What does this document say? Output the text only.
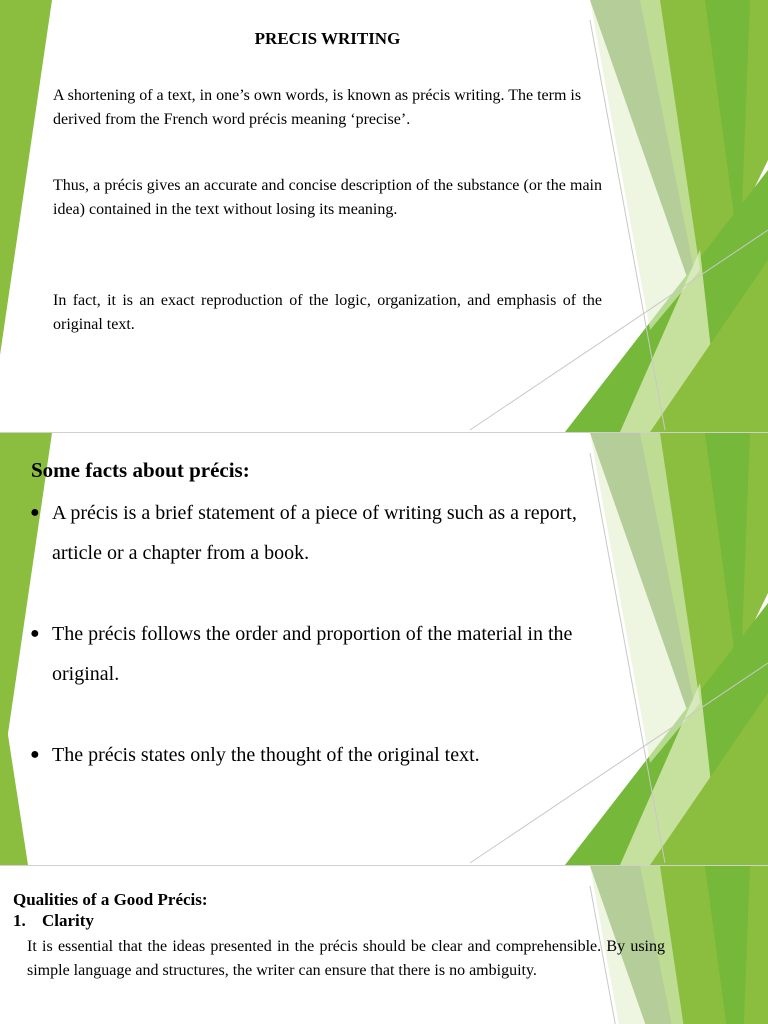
PRECIS WRITING
A shortening of a text, in one’s own words, is known as précis writing. The term is derived from the French word précis meaning ‘precise’.
Thus, a précis gives an accurate and concise description of the substance (or the main idea) contained in the text without losing its meaning.
In fact, it is an exact reproduction of the logic, organization, and emphasis of the original text.
Some facts about précis:
● A précis is a brief statement of a piece of writing such as a report, article or a chapter from a book.
● The précis follows the order and proportion of the material in the original.
● The précis states only the thought of the original text.
Qualities of a Good Précis:
1. Clarity
It is essential that the ideas presented in the précis should be clear and comprehensible. By using simple language and structures, the writer can ensure that there is no ambiguity.
